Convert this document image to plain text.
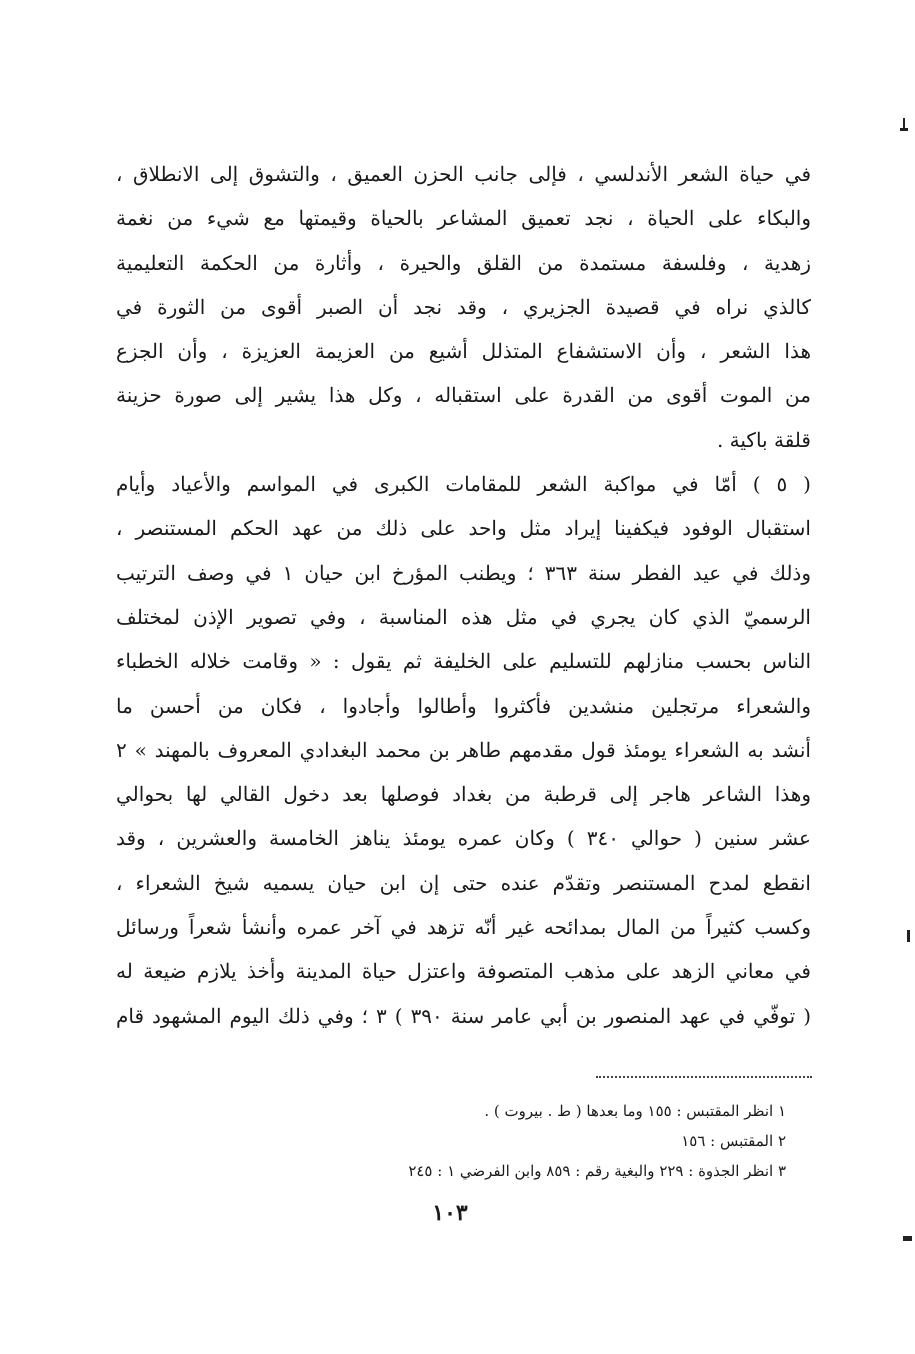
في حياة الشعر الأندلسي ، فإلى جانب الحزن العميق ، والتشوق إلى الانطلاق ،
والبكاء على الحياة ، نجد تعميق المشاعر بالحياة وقيمتها مع شيء من نغمة
زهدية ، وفلسفة مستمدة من القلق والحيرة ، وأثارة من الحكمة التعليمية
كالذي نراه في قصيدة الجزيري ، وقد نجد أن الصبر أقوى من الثورة في
هذا الشعر ، وأن الاستشفاع المتذلل أشيع من العزيمة العزيزة ، وأن الجزع
من الموت أقوى من القدرة على استقباله ، وكل هذا يشير إلى صورة حزينة
قلقة باكية .
( ٥ ) أمّا في مواكبة الشعر للمقامات الكبرى في المواسم والأعياد وأيام
استقبال الوفود فيكفينا إيراد مثل واحد على ذلك من عهد الحكم المستنصر ،
وذلك في عيد الفطر سنة ٣٦٣ ؛ ويطنب المؤرخ ابن حيان ١ في وصف الترتيب
الرسميّ الذي كان يجري في مثل هذه المناسبة ، وفي تصوير الإذن لمختلف
الناس بحسب منازلهم للتسليم على الخليفة ثم يقول : « وقامت خلاله الخطباء
والشعراء مرتجلين منشدين فأكثروا وأطالوا وأجادوا ، فكان من أحسن ما
أنشد به الشعراء يومئذ قول مقدمهم طاهر بن محمد البغدادي المعروف بالمهند » ٢
وهذا الشاعر هاجر إلى قرطبة من بغداد فوصلها بعد دخول القالي لها بحوالي
عشر سنين ( حوالي ٣٤٠ ) وكان عمره يومئذ يناهز الخامسة والعشرين ، وقد
انقطع لمدح المستنصر وتقدّم عنده حتى إن ابن حيان يسميه شيخ الشعراء ،
وكسب كثيراً من المال بمدائحه غير أنّه تزهد في آخر عمره وأنشأ شعراً ورسائل
في معاني الزهد على مذهب المتصوفة واعتزل حياة المدينة وأخذ يلازم ضيعة له
( توفّي في عهد المنصور بن أبي عامر سنة ٣٩٠ ) ٣ ؛ وفي ذلك اليوم المشهود قام
١ انظر المقتبس : ١٥٥ وما بعدها ( ط . بيروت ) .
٢ المقتبس : ١٥٦
٣ انظر الجذوة : ٢٢٩ والبغية رقم : ٨٥٩ وابن الفرضي ١ : ٢٤٥
١٠٣
